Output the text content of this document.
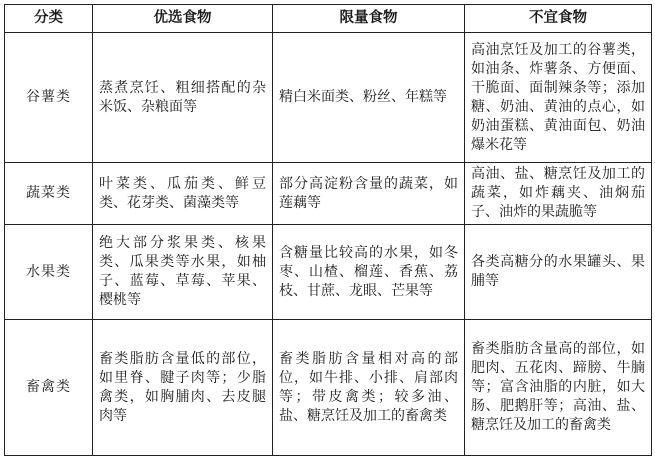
分类	优选食物	限量食物	不宜食物
谷薯类	蒸煮烹饪、粗细搭配的杂米饭、杂粮面等	精白米面类、粉丝、年糕等	高油烹饪及加工的谷薯类，如油条、炸薯条、方便面、干脆面、面制辣条等；添加糖、奶油、黄油的点心，如奶油蛋糕、黄油面包、奶油爆米花等
蔬菜类	叶菜类、瓜茄类、鲜豆类、花芽类、菌藻类等	部分高淀粉含量的蔬菜，如莲藕等	高油、盐、糖烹饪及加工的蔬菜，如炸藕夹、油焖茄子、油炸的果蔬脆等
水果类	绝大部分浆果类、核果类、瓜果类等水果，如柚子、蓝莓、草莓、苹果、樱桃等	含糖量比较高的水果，如冬枣、山楂、榴莲、香蕉、荔枝、甘蔗、龙眼、芒果等	各类高糖分的水果罐头、果脯等
畜禽类	畜类脂肪含量低的部位，如里脊、腱子肉等；少脂禽类，如胸脯肉、去皮腿肉等	畜类脂肪含量相对高的部位，如牛排、小排、肩部肉等；带皮禽类；较多油、盐、糖烹饪及加工的畜禽类	畜类脂肪含量高的部位，如肥肉、五花肉、蹄膀、牛腩等；富含油脂的内脏，如大肠、肥鹅肝等；高油、盐、糖烹饪及加工的畜禽类
